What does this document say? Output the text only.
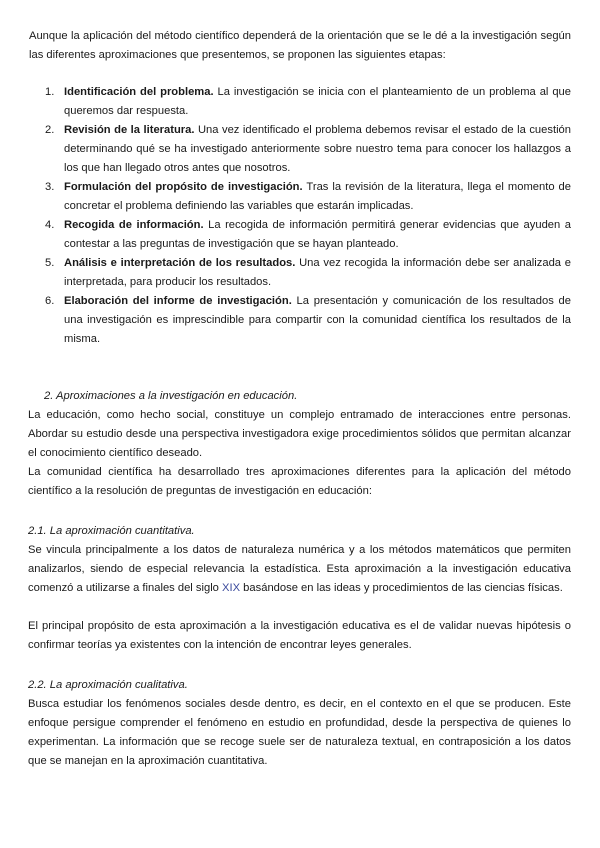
Aunque la aplicación del método científico dependerá de la orientación que se le dé a la investigación según las diferentes aproximaciones que presentemos, se proponen las siguientes etapas:

1. Identificación del problema. La investigación se inicia con el planteamiento de un problema al que queremos dar respuesta.
2. Revisión de la literatura. Una vez identificado el problema debemos revisar el estado de la cuestión determinando qué se ha investigado anteriormente sobre nuestro tema para conocer los hallazgos a los que han llegado otros antes que nosotros.
3. Formulación del propósito de investigación. Tras la revisión de la literatura, llega el momento de concretar el problema definiendo las variables que estarán implicadas.
4. Recogida de información. La recogida de información permitirá generar evidencias que ayuden a contestar a las preguntas de investigación que se hayan planteado.
5. Análisis e interpretación de los resultados. Una vez recogida la información debe ser analizada e interpretada, para producir los resultados.
6. Elaboración del informe de investigación. La presentación y comunicación de los resultados de una investigación es imprescindible para compartir con la comunidad científica los resultados de la misma.
2. Aproximaciones a la investigación en educación.

La educación, como hecho social, constituye un complejo entramado de interacciones entre personas. Abordar su estudio desde una perspectiva investigadora exige procedimientos sólidos que permitan alcanzar el conocimiento científico deseado.

La comunidad científica ha desarrollado tres aproximaciones diferentes para la aplicación del método científico a la resolución de preguntas de investigación en educación:

2.1. La aproximación cuantitativa.

Se vincula principalmente a los datos de naturaleza numérica y a los métodos matemáticos que permiten analizarlos, siendo de especial relevancia la estadística. Esta aproximación a la investigación educativa comenzó a utilizarse a finales del siglo XIX basándose en las ideas y procedimientos de las ciencias físicas.

El principal propósito de esta aproximación a la investigación educativa es el de validar nuevas hipótesis o confirmar teorías ya existentes con la intención de encontrar leyes generales.

2.2. La aproximación cualitativa.

Busca estudiar los fenómenos sociales desde dentro, es decir, en el contexto en el que se producen. Este enfoque persigue comprender el fenómeno en estudio en profundidad, desde la perspectiva de quienes lo experimentan. La información que se recoge suele ser de naturaleza textual, en contraposición a los datos que se manejan en la aproximación cuantitativa.
